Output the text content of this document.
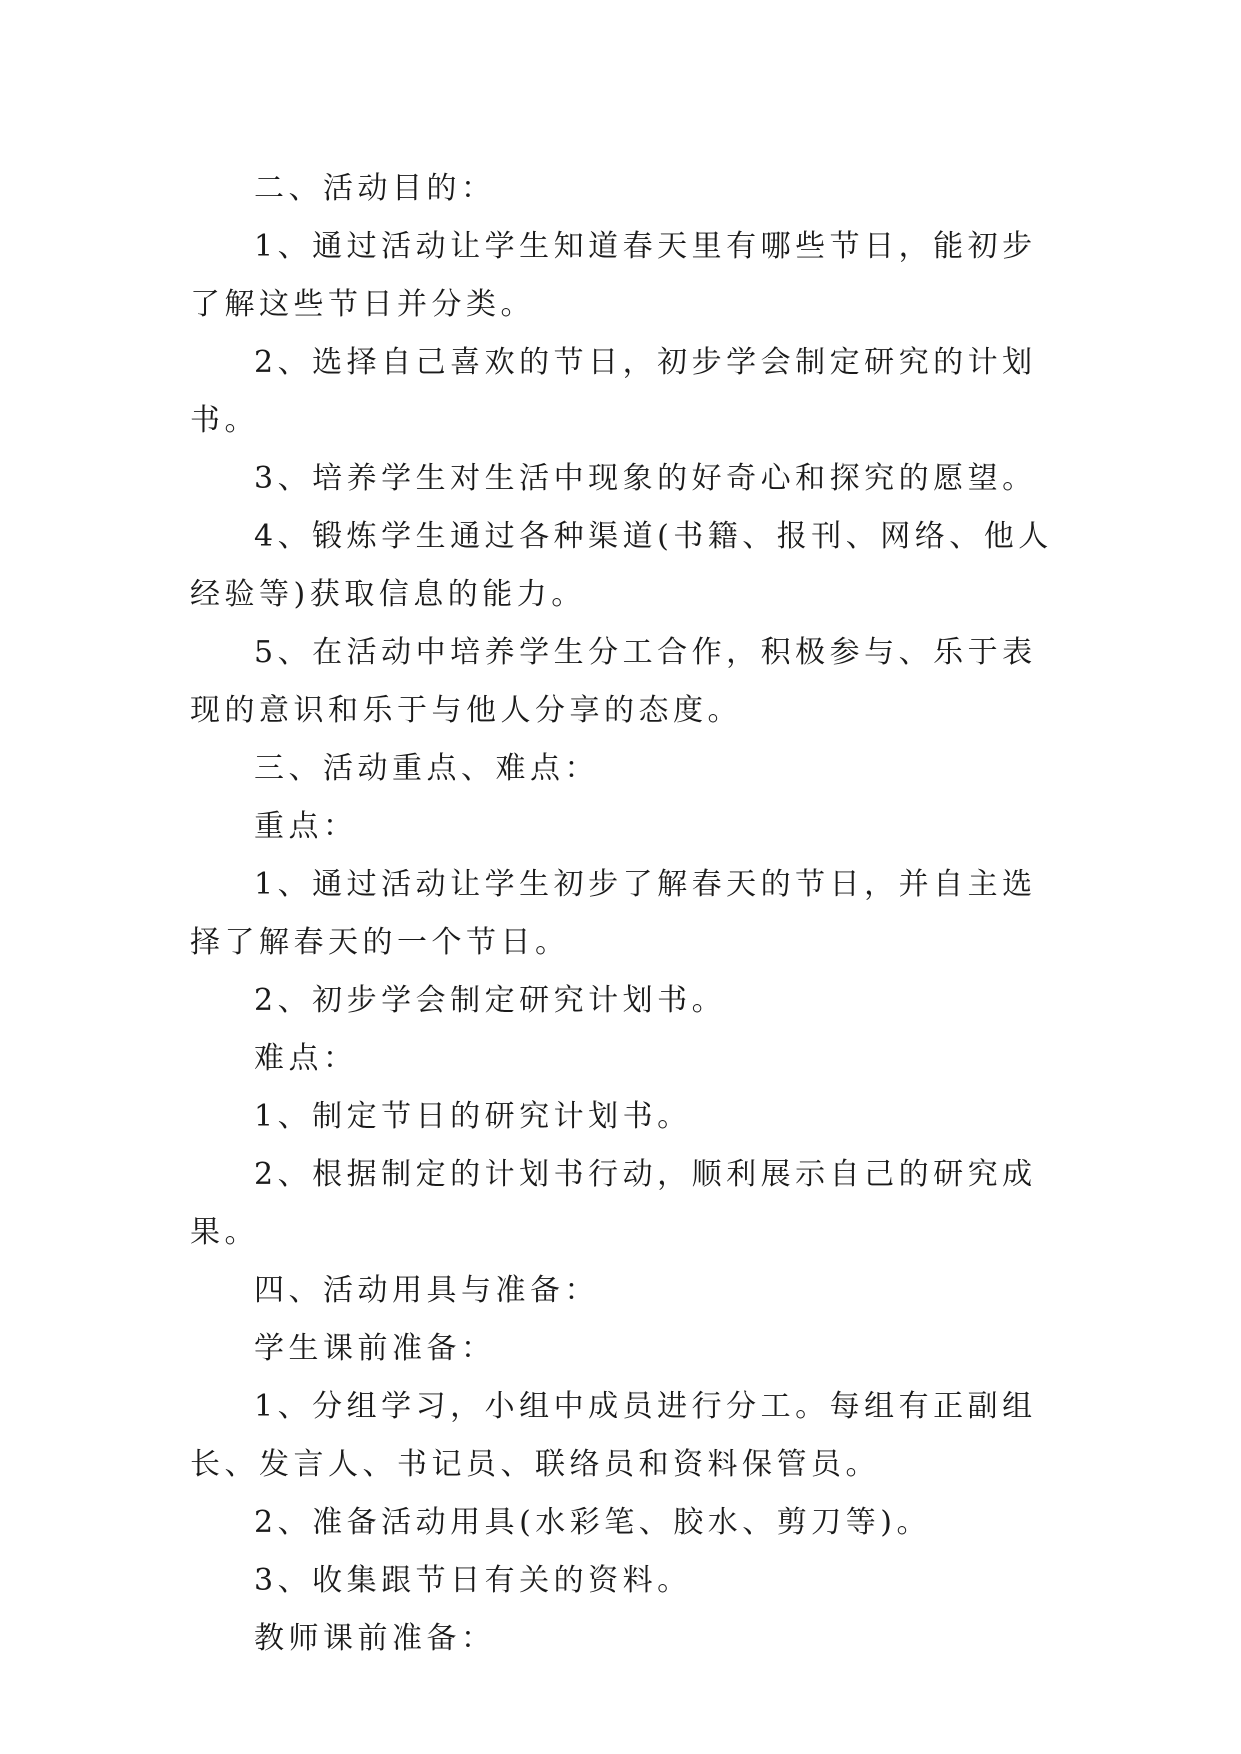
二、活动目的：

1、通过活动让学生知道春天里有哪些节日，能初步了解这些节日并分类。

2、选择自己喜欢的节日，初步学会制定研究的计划书。

3、培养学生对生活中现象的好奇心和探究的愿望。

4、锻炼学生通过各种渠道(书籍、报刊、网络、他人经验等)获取信息的能力。

5、在活动中培养学生分工合作，积极参与、乐于表现的意识和乐于与他人分享的态度。

三、活动重点、难点：

重点：

1、通过活动让学生初步了解春天的节日，并自主选择了解春天的一个节日。

2、初步学会制定研究计划书。

难点：

1、制定节日的研究计划书。

2、根据制定的计划书行动，顺利展示自己的研究成果。

四、活动用具与准备：

学生课前准备：

1、分组学习，小组中成员进行分工。每组有正副组长、发言人、书记员、联络员和资料保管员。

2、准备活动用具(水彩笔、胶水、剪刀等)。

3、收集跟节日有关的资料。

教师课前准备：
